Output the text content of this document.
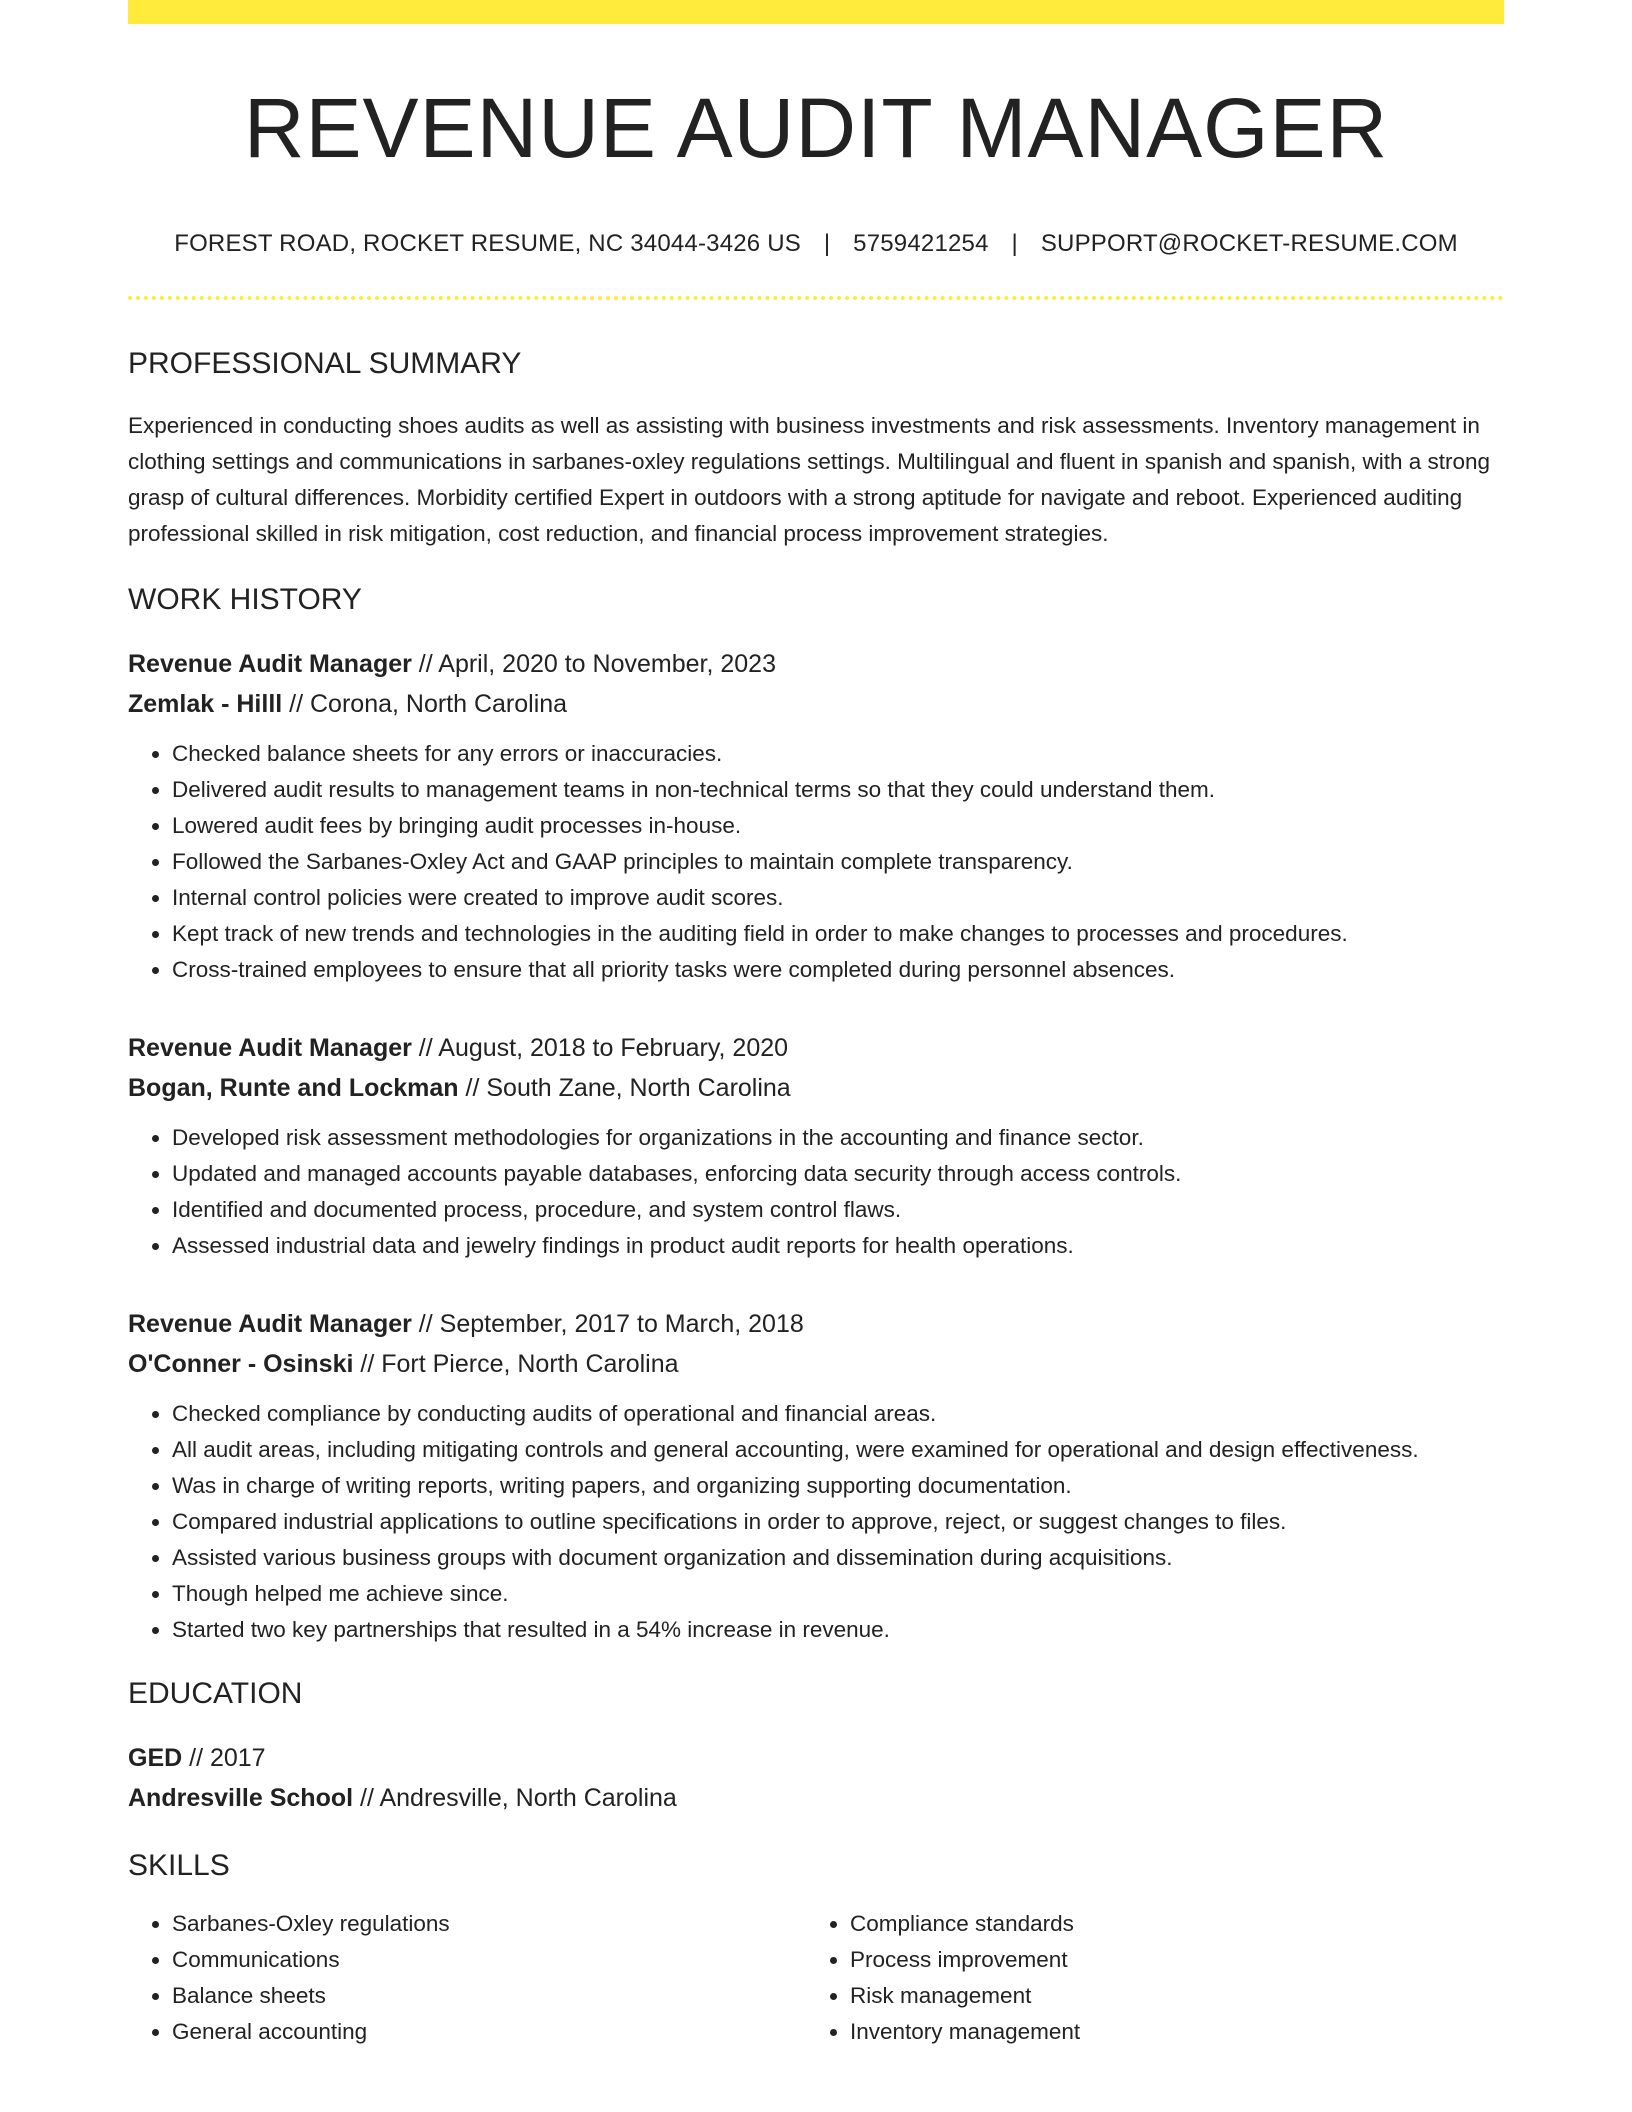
REVENUE AUDIT MANAGER
FOREST ROAD, ROCKET RESUME, NC 34044-3426 US | 5759421254 | SUPPORT@ROCKET-RESUME.COM
PROFESSIONAL SUMMARY
Experienced in conducting shoes audits as well as assisting with business investments and risk assessments. Inventory management in clothing settings and communications in sarbanes-oxley regulations settings. Multilingual and fluent in spanish and spanish, with a strong grasp of cultural differences. Morbidity certified Expert in outdoors with a strong aptitude for navigate and reboot. Experienced auditing professional skilled in risk mitigation, cost reduction, and financial process improvement strategies.
WORK HISTORY
Revenue Audit Manager // April, 2020 to November, 2023
Zemlak - Hilll // Corona, North Carolina
• Checked balance sheets for any errors or inaccuracies.
• Delivered audit results to management teams in non-technical terms so that they could understand them.
• Lowered audit fees by bringing audit processes in-house.
• Followed the Sarbanes-Oxley Act and GAAP principles to maintain complete transparency.
• Internal control policies were created to improve audit scores.
• Kept track of new trends and technologies in the auditing field in order to make changes to processes and procedures.
• Cross-trained employees to ensure that all priority tasks were completed during personnel absences.
Revenue Audit Manager // August, 2018 to February, 2020
Bogan, Runte and Lockman // South Zane, North Carolina
• Developed risk assessment methodologies for organizations in the accounting and finance sector.
• Updated and managed accounts payable databases, enforcing data security through access controls.
• Identified and documented process, procedure, and system control flaws.
• Assessed industrial data and jewelry findings in product audit reports for health operations.
Revenue Audit Manager // September, 2017 to March, 2018
O'Conner - Osinski // Fort Pierce, North Carolina
• Checked compliance by conducting audits of operational and financial areas.
• All audit areas, including mitigating controls and general accounting, were examined for operational and design effectiveness.
• Was in charge of writing reports, writing papers, and organizing supporting documentation.
• Compared industrial applications to outline specifications in order to approve, reject, or suggest changes to files.
• Assisted various business groups with document organization and dissemination during acquisitions.
• Though helped me achieve since.
• Started two key partnerships that resulted in a 54% increase in revenue.
EDUCATION
GED // 2017
Andresville School // Andresville, North Carolina
SKILLS
• Sarbanes-Oxley regulations
• Communications
• Balance sheets
• General accounting
• Compliance standards
• Process improvement
• Risk management
• Inventory management
